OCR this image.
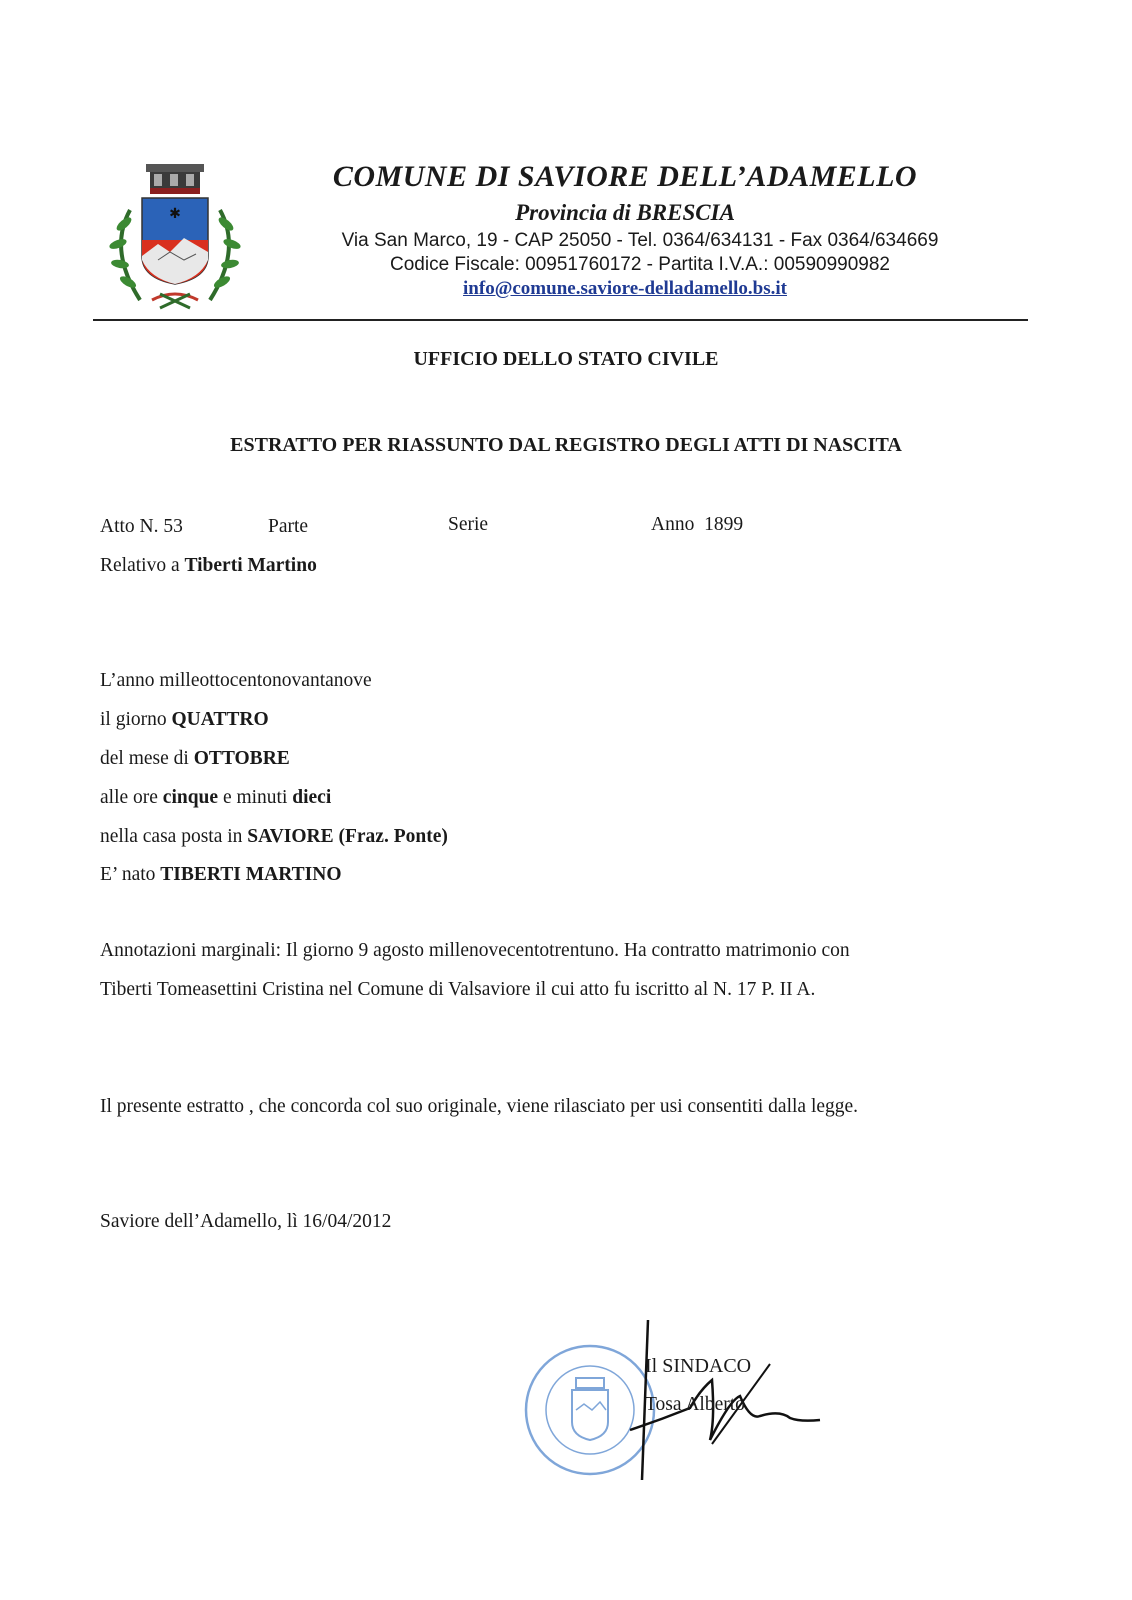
✱
COMUNE DI SAVIORE DELL’ADAMELLO
Provincia di BRESCIA
Via San Marco, 19 - CAP 25050 - Tel. 0364/634131 - Fax 0364/634669
Codice Fiscale: 00951760172 - Partita I.V.A.: 00590990982
info@comune.saviore-delladamello.bs.it
UFFICIO DELLO STATO CIVILE
ESTRATTO PER RIASSUNTO DAL REGISTRO DEGLI ATTI DI NASCITA
Atto N. 53	Parte	Serie	Anno 1899
Relativo a Tiberti Martino
L’anno milleottocentonovantanove
il giorno QUATTRO
del mese di OTTOBRE
alle ore cinque e minuti dieci
nella casa posta in SAVIORE (Fraz. Ponte)
E’ nato TIBERTI MARTINO
Annotazioni marginali: Il giorno 9 agosto millenovecentotrentuno. Ha contratto matrimonio con
Tiberti Tomeasettini Cristina nel Comune di Valsaviore il cui atto fu iscritto al N. 17 P. II A.
Il presente estratto , che concorda col suo originale, viene rilasciato per usi consentiti dalla legge.
Saviore dell’Adamello, lì 16/04/2012
Il SINDACO
Tosa Alberto
